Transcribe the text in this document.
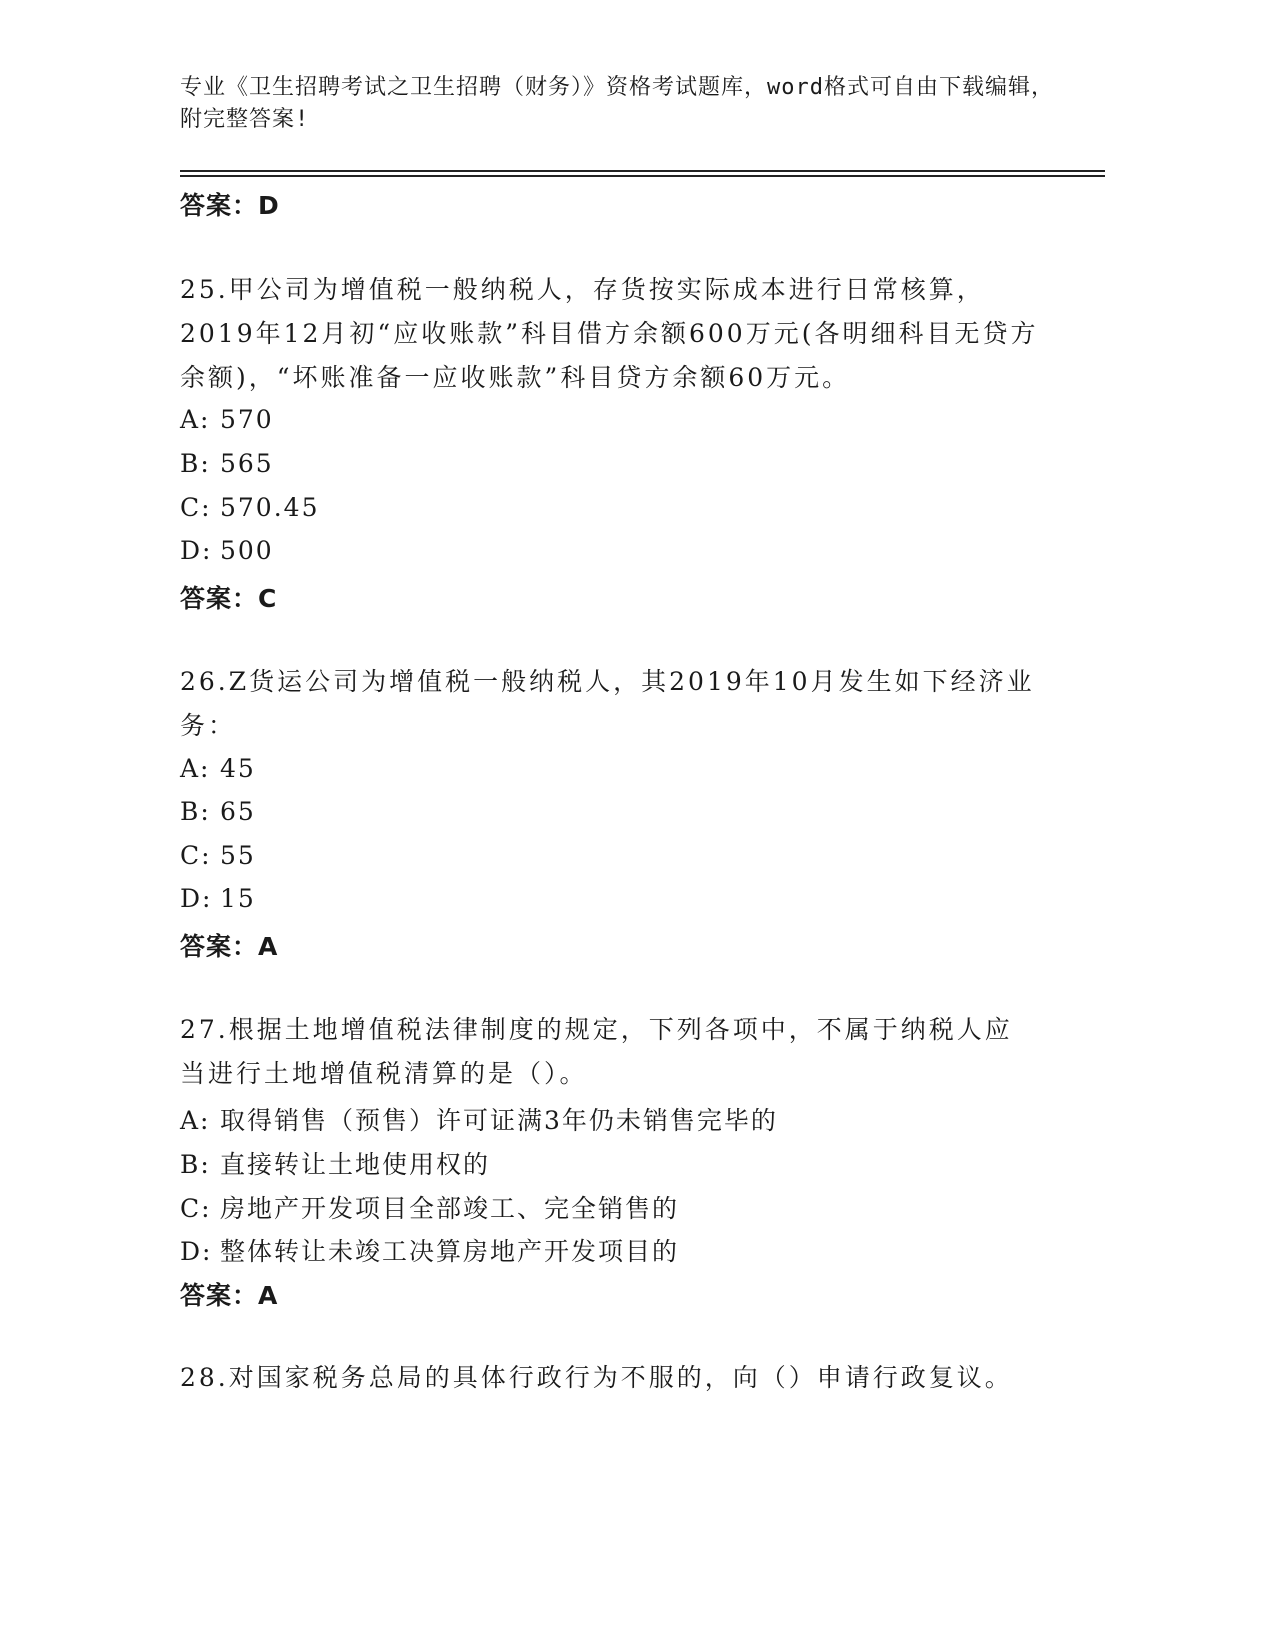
专业《卫生招聘考试之卫生招聘（财务）》资格考试题库，word格式可自由下载编辑，附完整答案!
答案：D
25.甲公司为增值税一般纳税人，存货按实际成本进行日常核算，2019年12月初“应收账款”科目借方余额600万元(各明细科目无贷方余额)，“坏账准备一应收账款”科目贷方余额60万元。
A: 570
B: 565
C: 570.45
D: 500
答案：C
26.Z货运公司为增值税一般纳税人，其2019年10月发生如下经济业务：
A: 45
B: 65
C: 55
D: 15
答案：A
27.根据土地增值税法律制度的规定，下列各项中，不属于纳税人应当进行土地增值税清算的是（）。
A: 取得销售（预售）许可证满3年仍未销售完毕的
B: 直接转让土地使用权的
C: 房地产开发项目全部竣工、完全销售的
D: 整体转让未竣工决算房地产开发项目的
答案：A
28.对国家税务总局的具体行政行为不服的，向（）申请行政复议。
